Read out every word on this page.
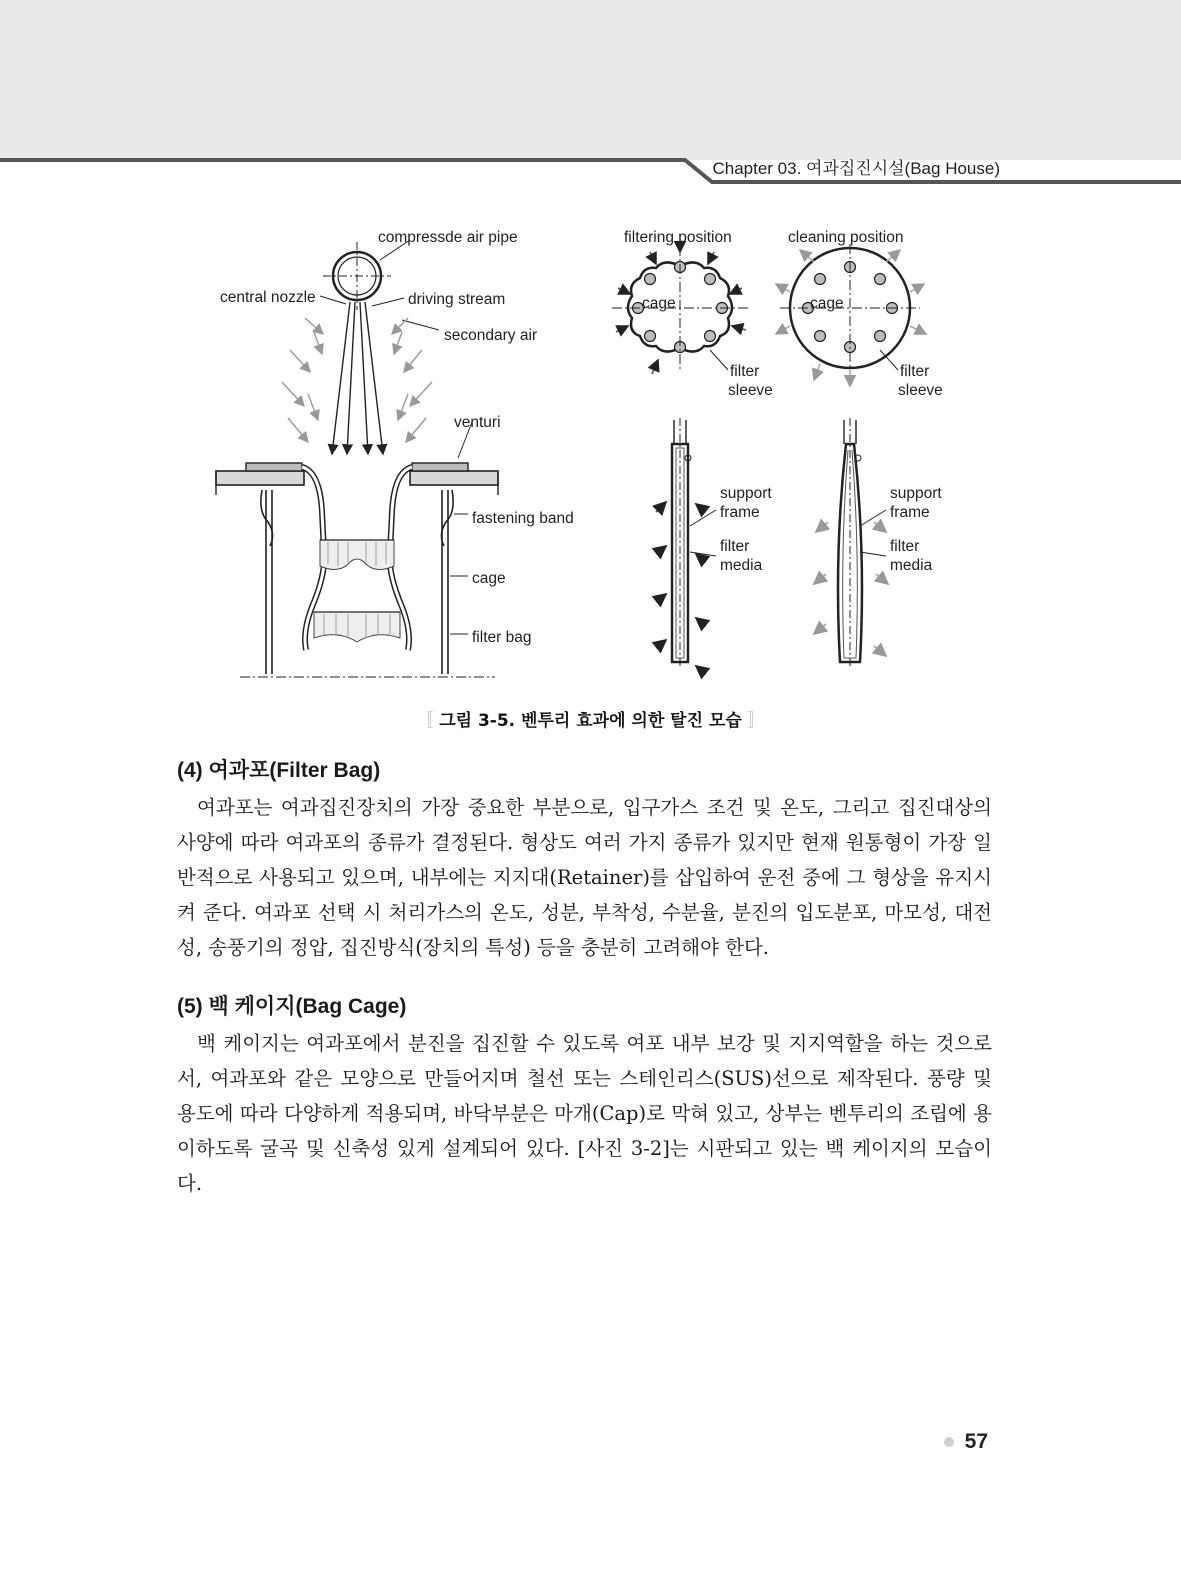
Chapter 03. 여과집진시설(Bag House)
compressde air pipe
central nozzle	driving stream
secondary air
venturi
fastening band
cage
filter bag
filtering position
cage
filter
sleeve
cleaning position
cage
filter
sleeve
support
frame
filter
media
support
frame
filter
media
〚 그림 3-5. 벤투리 효과에 의한 탈진 모습 〛
(4) 여과포(Filter Bag)

여과포는 여과집진장치의 가장 중요한 부분으로, 입구가스 조건 및 온도, 그리고 집진대상의 사양에 따라 여과포의 종류가 결정된다. 형상도 여러 가지 종류가 있지만 현재 원통형이 가장 일반적으로 사용되고 있으며, 내부에는 지지대(Retainer)를 삽입하여 운전 중에 그 형상을 유지시켜 준다. 여과포 선택 시 처리가스의 온도, 성분, 부착성, 수분율, 분진의 입도분포, 마모성, 대전성, 송풍기의 정압, 집진방식(장치의 특성) 등을 충분히 고려해야 한다.

(5) 백 케이지(Bag Cage)

백 케이지는 여과포에서 분진을 집진할 수 있도록 여포 내부 보강 및 지지역할을 하는 것으로서, 여과포와 같은 모양으로 만들어지며 철선 또는 스테인리스(SUS)선으로 제작된다. 풍량 및 용도에 따라 다양하게 적용되며, 바닥부분은 마개(Cap)로 막혀 있고, 상부는 벤투리의 조립에 용이하도록 굴곡 및 신축성 있게 설계되어 있다. [사진 3-2]는 시판되고 있는 백 케이지의 모습이다.

57
